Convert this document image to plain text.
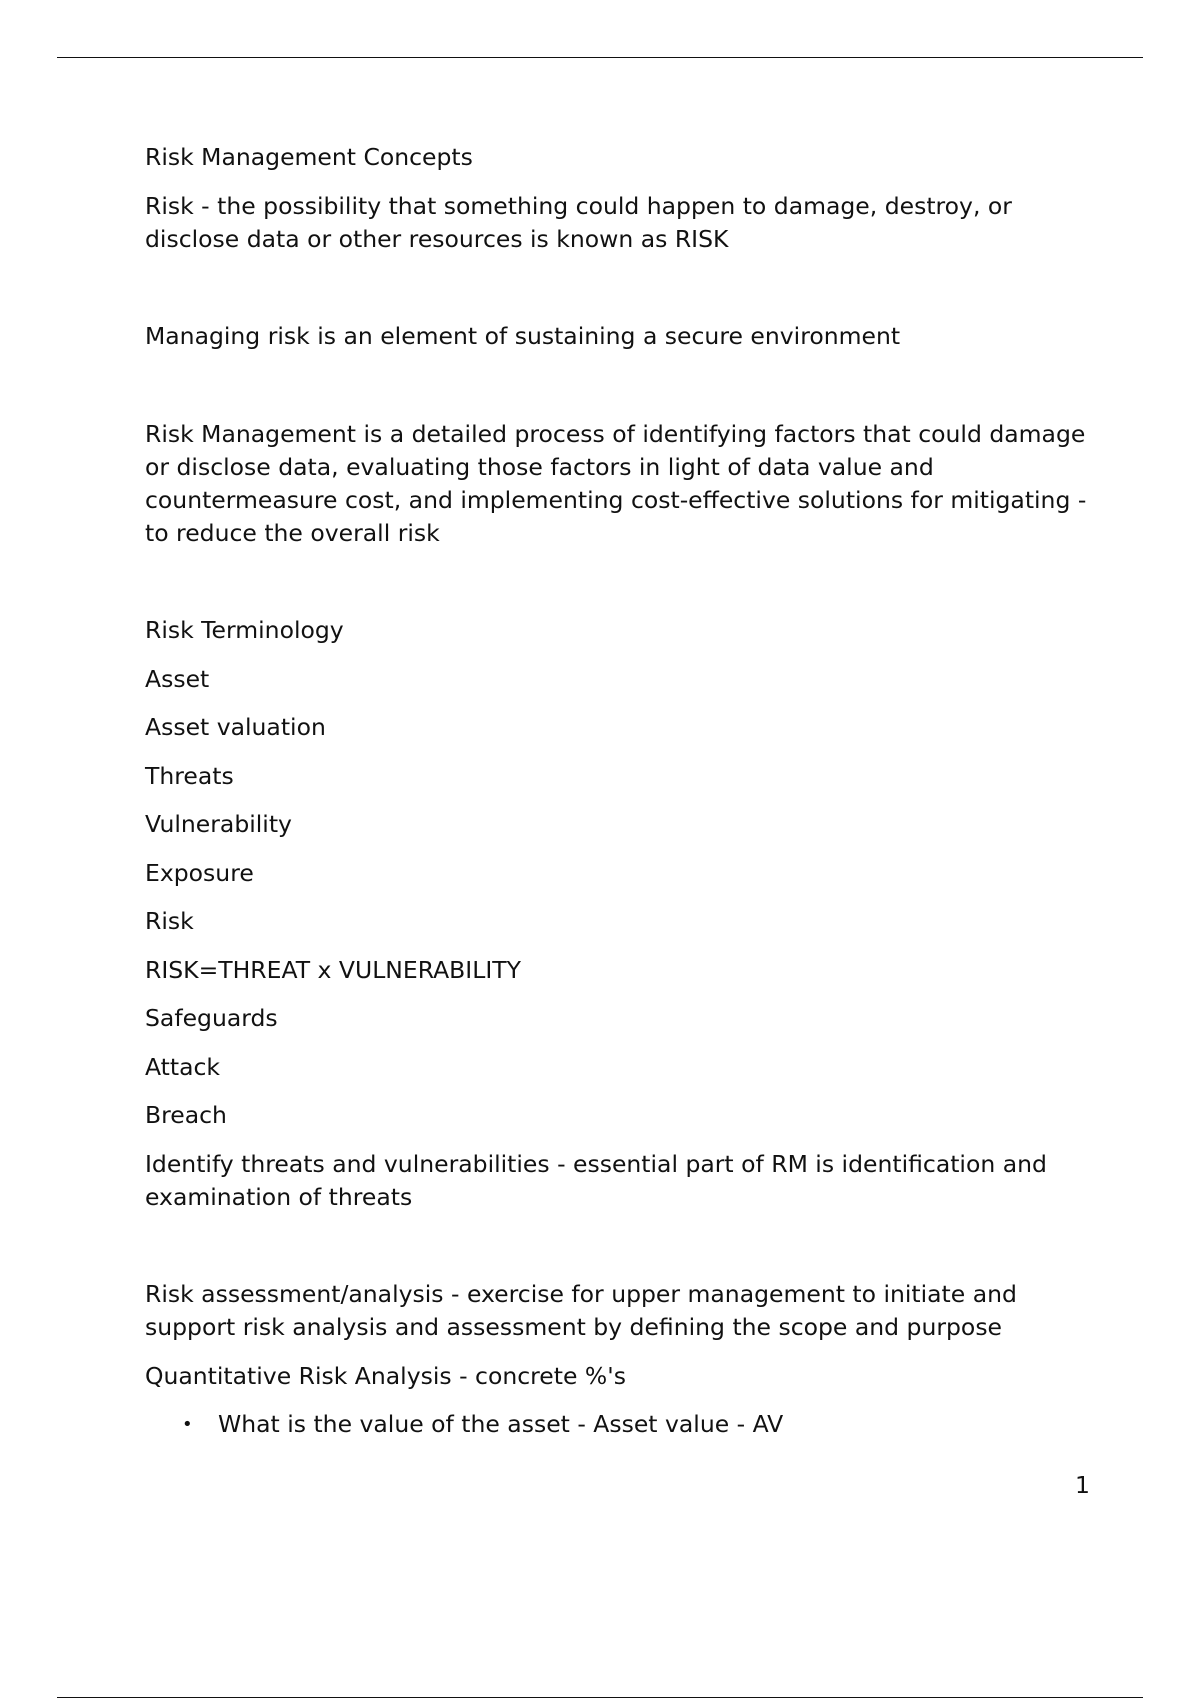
Risk Management Concepts

Risk - the possibility that something could happen to damage, destroy, or disclose data or other resources is known as RISK

Managing risk is an element of sustaining a secure environment

Risk Management is a detailed process of identifying factors that could damage or disclose data, evaluating those factors in light of data value and countermeasure cost, and implementing cost-effective solutions for mitigating - to reduce the overall risk

Risk Terminology

Asset

Asset valuation

Threats

Vulnerability

Exposure

Risk

RISK=THREAT x VULNERABILITY

Safeguards

Attack

Breach

Identify threats and vulnerabilities - essential part of RM is identification and examination of threats

Risk assessment/analysis - exercise for upper management to initiate and support risk analysis and assessment by defining the scope and purpose

Quantitative Risk Analysis - concrete %'s

• What is the value of the asset - Asset value - AV
1
